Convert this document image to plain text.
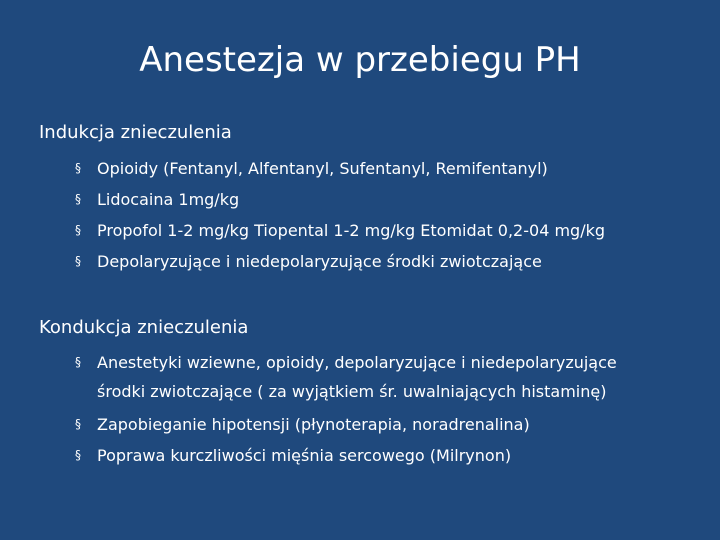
Anestezja w przebiegu PH

Indukcja znieczulenia

§ Opioidy (Fentanyl, Alfentanyl, Sufentanyl, Remifentanyl)
§ Lidocaina 1mg/kg
§ Propofol 1-2 mg/kg Tiopental 1-2 mg/kg Etomidat 0,2-04 mg/kg
§ Depolaryzujące i niedepolaryzujące środki zwiotczające

Kondukcja znieczulenia

§ Anestetyki wziewne, opioidy, depolaryzujące i niedepolaryzujące
środki zwiotczające ( za wyjątkiem śr. uwalniających histaminę)
§ Zapobieganie hipotensji (płynoterapia, noradrenalina)
§ Poprawa kurczliwości mięśnia sercowego (Milrynon)
